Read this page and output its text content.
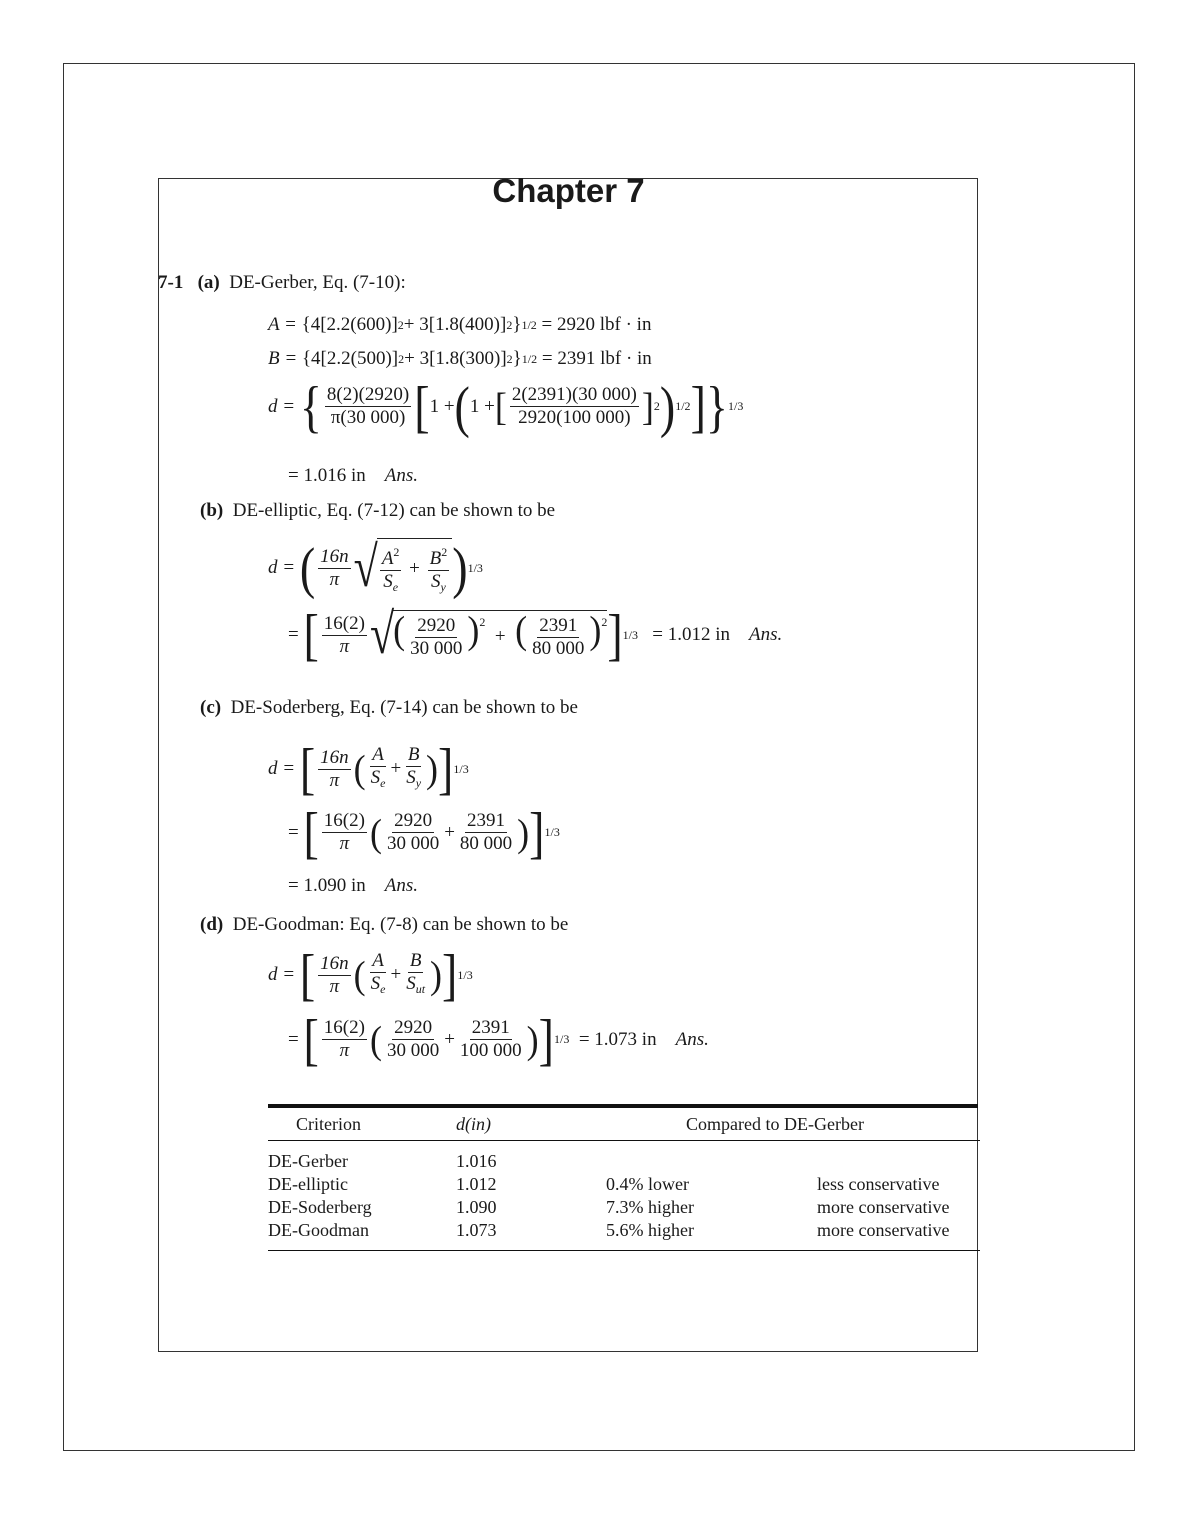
Chapter 7
7-1 (a) DE-Gerber, Eq. (7-10):
A =
{4[2.2(600)] 2 + 3[1.8(400)] 2 } 1/2
= 2920 lbf · in
B =
{4[2.2(500)] 2 + 3[1.8(300)] 2 } 1/2
= 2391 lbf · in
d =
{ $\frac{8(2)(2920)}{\pi(30 000)}$ [ 1 + ( 1 + [ $\frac{2(2391)(30 000)}{2920(100 000)}$ ] 2 ) 1/2 ] } 1/3
= 1.016 in Ans.
(b) DE-elliptic, Eq. (7-12) can be shown to be
d =
( $\frac{16n}{\pi}$ √ $\frac{A^2}{S_e} + \frac{B^2}{S_y}$ ) 1/3
=
[ $\frac{16(2)}{\pi}$ √ ( $\frac{2920}{30 000} )^2$  + ( $\frac{2391}{80 000} )^2$ ] 1/3
= 1.012 in
Ans.
(c) DE-Soderberg, Eq. (7-14) can be shown to be
d =
[ $\frac{16n}{\pi}$ ( $\frac{A}{S_e} + \frac{B}{S_y}$ ) ] 1/3
=
[ $\frac{16(2)}{\pi}$ ( $\frac{2920}{30 000} + \frac{2391}{80 000}$ ) ] 1/3
= 1.090 in Ans.
(d) DE-Goodman: Eq. (7-8) can be shown to be
d =
[ $\frac{16n}{\pi}$ ( $\frac{A}{S_e} + \frac{B}{S_{ut}}$ ) ] 1/3
=
[ $\frac{16(2)}{\pi}$ ( $\frac{2920}{30 000} + \frac{2391}{100 000}$ ) ] 1/3
= 1.073 in
Ans.
Criterion	d(in)	Compared to DE-Gerber
DE-Gerber	1.016
DE-elliptic	1.012	0.4% lower	less conservative
DE-Soderberg	1.090	7.3% higher	more conservative
DE-Goodman	1.073	5.6% higher	more conservative
